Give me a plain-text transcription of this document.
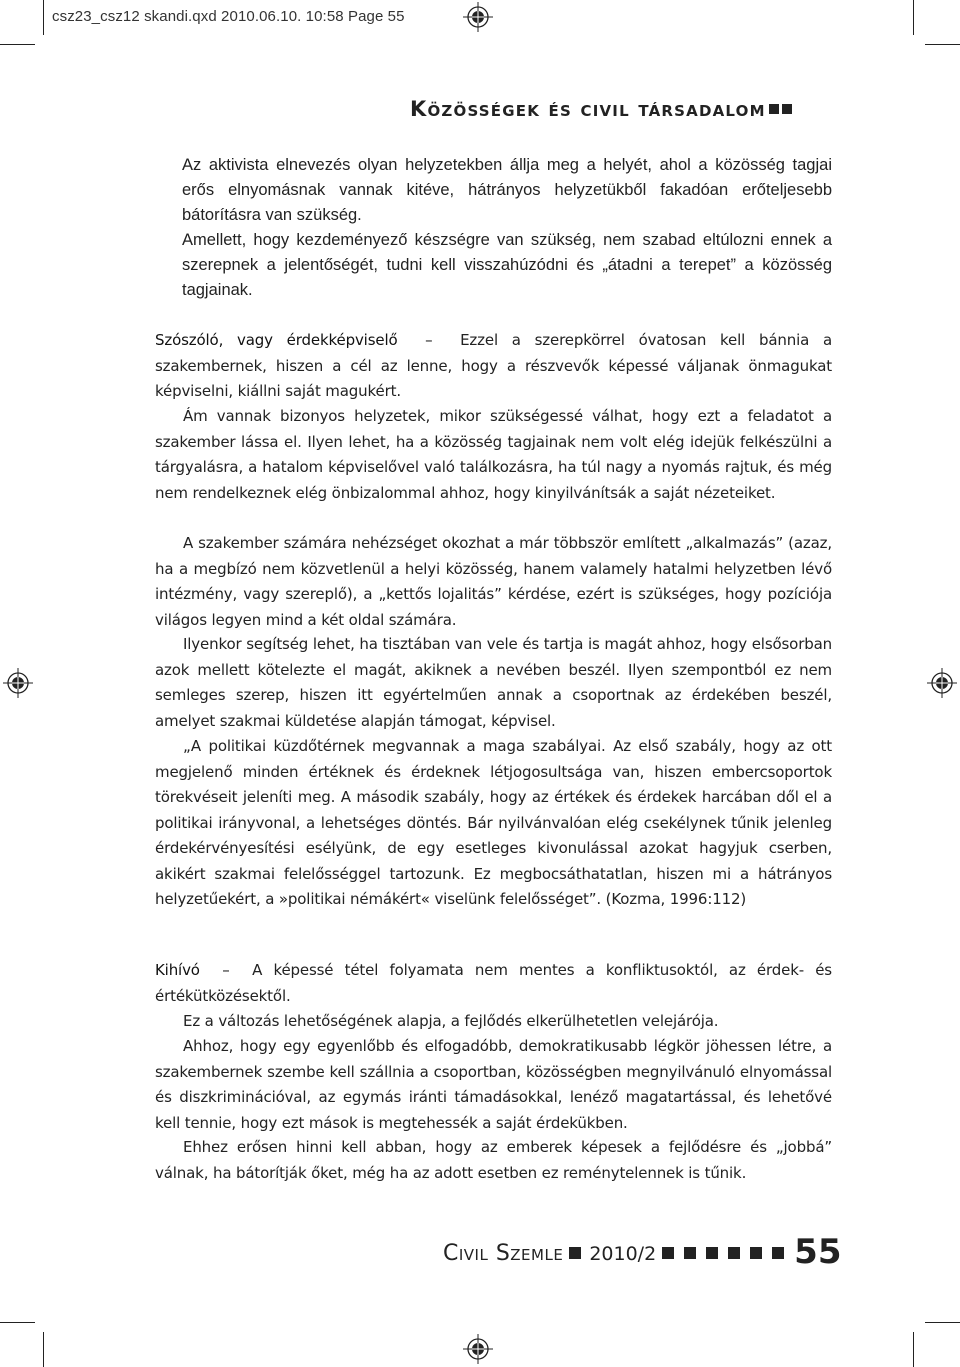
csz23_csz12 skandi.qxd 2010.06.10. 10:58 Page 55
Közösségek és civil társadalom

Az aktivista elnevezés olyan helyzetekben állja meg a helyét, ahol a közösség tagjai erős elnyomásnak vannak kitéve, hátrányos helyzetükből fakadóan erőteljesebb bátorításra van szükség.

Amellett, hogy kezdeményező készségre van szükség, nem szabad eltúlozni ennek a szerepnek a jelentőségét, tudni kell visszahúzódni és „átadni a terepet” a közösség tagjainak.

Szószóló, vagy érdekképviselő – Ezzel a szerepkörrel óvatosan kell bánnia a szakembernek, hiszen a cél az lenne, hogy a részvevők képessé váljanak önmagukat képviselni, kiállni saját magukért.

Ám vannak bizonyos helyzetek, mikor szükségessé válhat, hogy ezt a feladatot a szakember lássa el. Ilyen lehet, ha a közösség tagjainak nem volt elég idejük felkészülni a tárgyalásra, a hatalom képviselővel való találkozásra, ha túl nagy a nyomás rajtuk, és még nem rendelkeznek elég önbizalommal ahhoz, hogy kinyilvánítsák a saját nézeteiket.

A szakember számára nehézséget okozhat a már többször említett „alkalmazás” (azaz, ha a megbízó nem közvetlenül a helyi közösség, hanem valamely hatalmi helyzetben lévő intézmény, vagy szereplő), a „kettős lojalitás” kérdése, ezért is szükséges, hogy pozíciója világos legyen mind a két oldal számára.

Ilyenkor segítség lehet, ha tisztában van vele és tartja is magát ahhoz, hogy elsősorban azok mellett kötelezte el magát, akiknek a nevében beszél. Ilyen szempontból ez nem semleges szerep, hiszen itt egyértelműen annak a csoportnak az érdekében beszél, amelyet szakmai küldetése alapján támogat, képvisel.

„A politikai küzdőtérnek megvannak a maga szabályai. Az első szabály, hogy az ott megjelenő minden értéknek és érdeknek létjogosultsága van, hiszen embercsoportok törekvéseit jeleníti meg. A második szabály, hogy az értékek és érdekek harcában dől el a politikai irányvonal, a lehetséges döntés. Bár nyilvánvalóan elég csekélynek tűnik jelenleg érdekérvényesítési esélyünk, de egy esetleges kivonulással azokat hagyjuk cserben, akikért szakmai felelősséggel tartozunk. Ez megbocsáthatatlan, hiszen mi a hátrányos helyzetűekért, a »politikai némákért« viselünk felelősséget”. (Kozma, 1996:112)

Kihívó – A képessé tétel folyamata nem mentes a konfliktusoktól, az érdek- és értékütközésektől.

Ez a változás lehetőségének alapja, a fejlődés elkerülhetetlen velejárója.

Ahhoz, hogy egy egyenlőbb és elfogadóbb, demokratikusabb légkör jöhessen létre, a szakembernek szembe kell szállnia a csoportban, közösségben megnyilvánuló elnyomással és diszkriminációval, az egymás iránti támadásokkal, lenéző magatartással, és lehetővé kell tennie, hogy ezt mások is megtehessék a saját érdekükben.

Ehhez erősen hinni kell abban, hogy az emberek képesek a fejlődésre és „jobbá” válnak, ha bátorítják őket, még ha az adott esetben ez reménytelennek is tűnik.

Civil Szemle 2010/2	55
